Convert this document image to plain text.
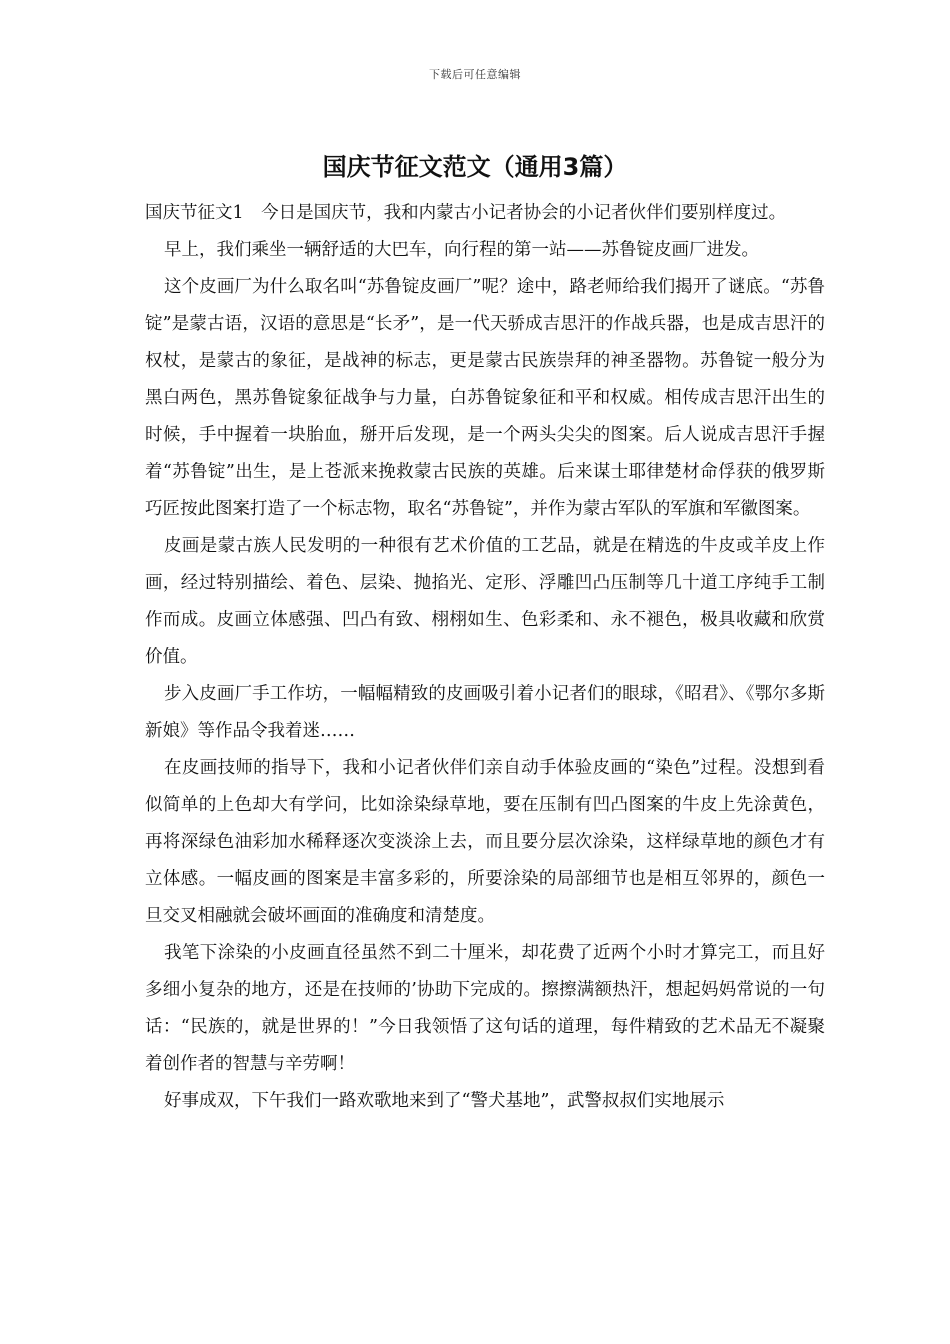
下载后可任意编辑
国庆节征文范文（通用3篇）

国庆节征文1　今日是国庆节，我和内蒙古小记者协会的小记者伙伴们要别样度过。

早上，我们乘坐一辆舒适的大巴车，向行程的第一站——苏鲁锭皮画厂进发。

这个皮画厂为什么取名叫“苏鲁锭皮画厂”呢？途中，路老师给我们揭开了谜底。“苏鲁锭”是蒙古语，汉语的意思是“长矛”，是一代天骄成吉思汗的作战兵器，也是成吉思汗的权杖，是蒙古的象征，是战神的标志，更是蒙古民族崇拜的神圣器物。苏鲁锭一般分为黑白两色，黑苏鲁锭象征战争与力量，白苏鲁锭象征和平和权威。相传成吉思汗出生的时候，手中握着一块胎血，掰开后发现，是一个两头尖尖的图案。后人说成吉思汗手握着“苏鲁锭”出生，是上苍派来挽救蒙古民族的英雄。后来谋士耶律楚材命俘获的俄罗斯巧匠按此图案打造了一个标志物，取名“苏鲁锭”，并作为蒙古军队的军旗和军徽图案。

皮画是蒙古族人民发明的一种很有艺术价值的工艺品，就是在精选的牛皮或羊皮上作画，经过特别描绘、着色、层染、抛掐光、定形、浮雕凹凸压制等几十道工序纯手工制作而成。皮画立体感强、凹凸有致、栩栩如生、色彩柔和、永不褪色，极具收藏和欣赏价值。

步入皮画厂手工作坊，一幅幅精致的皮画吸引着小记者们的眼球，《昭君》、《鄂尔多斯新娘》等作品令我着迷……

在皮画技师的指导下，我和小记者伙伴们亲自动手体验皮画的“染色”过程。没想到看似简单的上色却大有学问，比如涂染绿草地，要在压制有凹凸图案的牛皮上先涂黄色，再将深绿色油彩加水稀释逐次变淡涂上去，而且要分层次涂染，这样绿草地的颜色才有立体感。一幅皮画的图案是丰富多彩的，所要涂染的局部细节也是相互邻界的，颜色一旦交叉相融就会破坏画面的准确度和清楚度。

我笔下涂染的小皮画直径虽然不到二十厘米，却花费了近两个小时才算完工，而且好多细小复杂的地方，还是在技师的’协助下完成的。擦擦满额热汗，想起妈妈常说的一句话：“民族的，就是世界的！”今日我领悟了这句话的道理，每件精致的艺术品无不凝聚着创作者的智慧与辛劳啊！

好事成双，下午我们一路欢歌地来到了“警犬基地”，武警叔叔们实地展示
